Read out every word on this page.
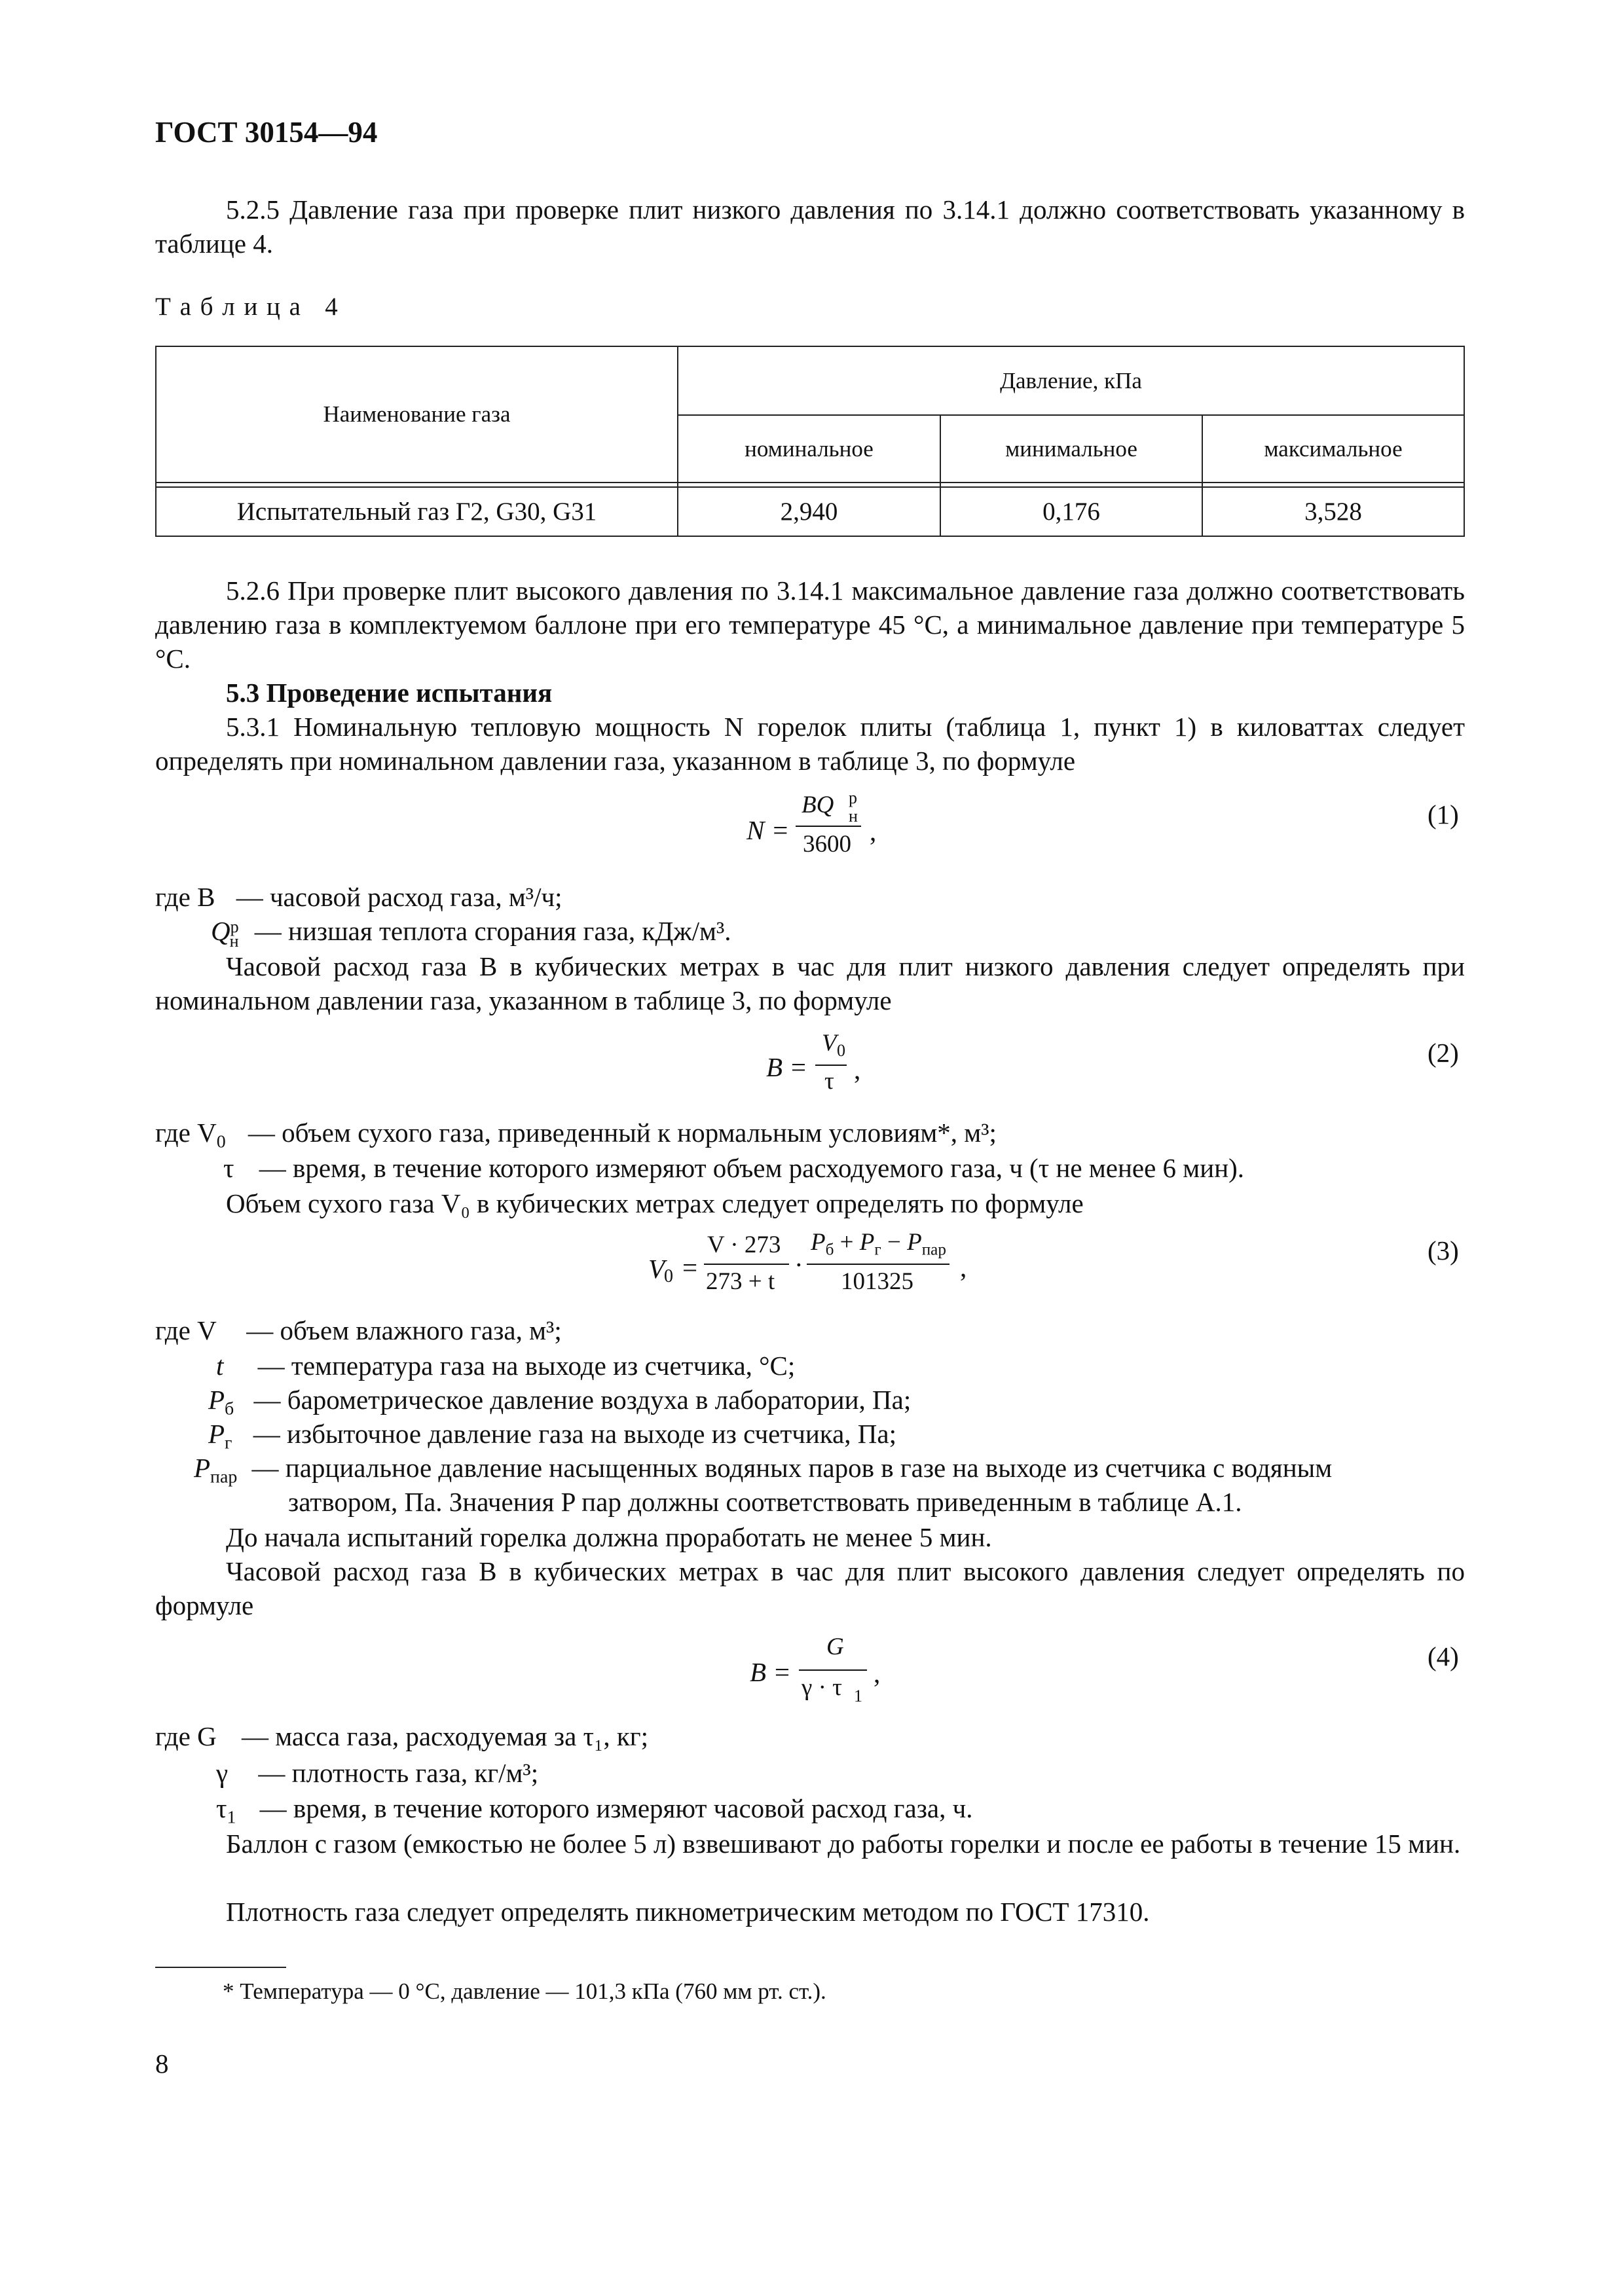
ГОСТ 30154—94
5.2.5 Давление газа при проверке плит низкого давления по 3.14.1 должно соответствовать указанному в таблице 4.
Т а б л и ц а   4
Наименование газа
Давление, кПа
номинальное	минимальное	максимальное
Испытательный газ Г2, G30, G31	2,940	0,176	3,528
5.2.6 При проверке плит высокого давления по 3.14.1 максимальное давление газа должно соответствовать давлению газа в комплектуемом баллоне при его температуре 45 °С, а минимальное давление при температуре 5 °С.
5.3 Проведение испытания
5.3.1 Номинальную тепловую мощность N горелок плиты (таблица 1, пункт 1) в киловаттах следует определять при номинальном давлении газа, указанном в таблице 3, по формуле
N =
BQ р
н
3600 ,
(1)
где B — часовой расход газа, м³/ч;
$Q^р_н$ — низшая теплота сгорания газа, кДж/м³.
Часовой расход газа B в кубических метрах в час для плит низкого давления следует определять при номинальном давлении газа, указанном в таблице 3, по формуле
B =
V 0
τ ,
(2)
где $V_0$ — объем сухого газа, приведенный к нормальным условиям*, м³;
τ — время, в течение которого измеряют объем расходуемого газа, ч (τ не менее 6 мин).
Объем сухого газа V₀ в кубических метрах следует определять по формуле
V
0 =
V · 273
273 + t
·
$P_б + P_г - P_{пар}$
101325 ,
(3)
где V — объем влажного газа, м³;
t — температура газа на выходе из счетчика, °С;
$P_б$ — барометрическое давление воздуха в лаборатории, Па;
$P_г$ — избыточное давление газа на выходе из счетчика, Па;
$P_{пар}$ — парциальное давление насыщенных водяных паров в газе на выходе из счетчика с водяным
затвором, Па. Значения P пар должны соответствовать приведенным в таблице А.1.
До начала испытаний горелка должна проработать не менее 5 мин.
Часовой расход газа B в кубических метрах в час для плит высокого давления следует определять по формуле
B =
G
γ · τ 1
,
(4)
где G — масса газа, расходуемая за τ₁, кг;
γ — плотность газа, кг/м³;
$\tau_1$ — время, в течение которого измеряют часовой расход газа, ч.
Баллон с газом (емкостью не более 5 л) взвешивают до работы горелки и после ее работы в течение 15 мин.
Плотность газа следует определять пикнометрическим методом по ГОСТ 17310.
* Температура — 0 °С, давление — 101,3 кПа (760 мм рт. ст.).
8
